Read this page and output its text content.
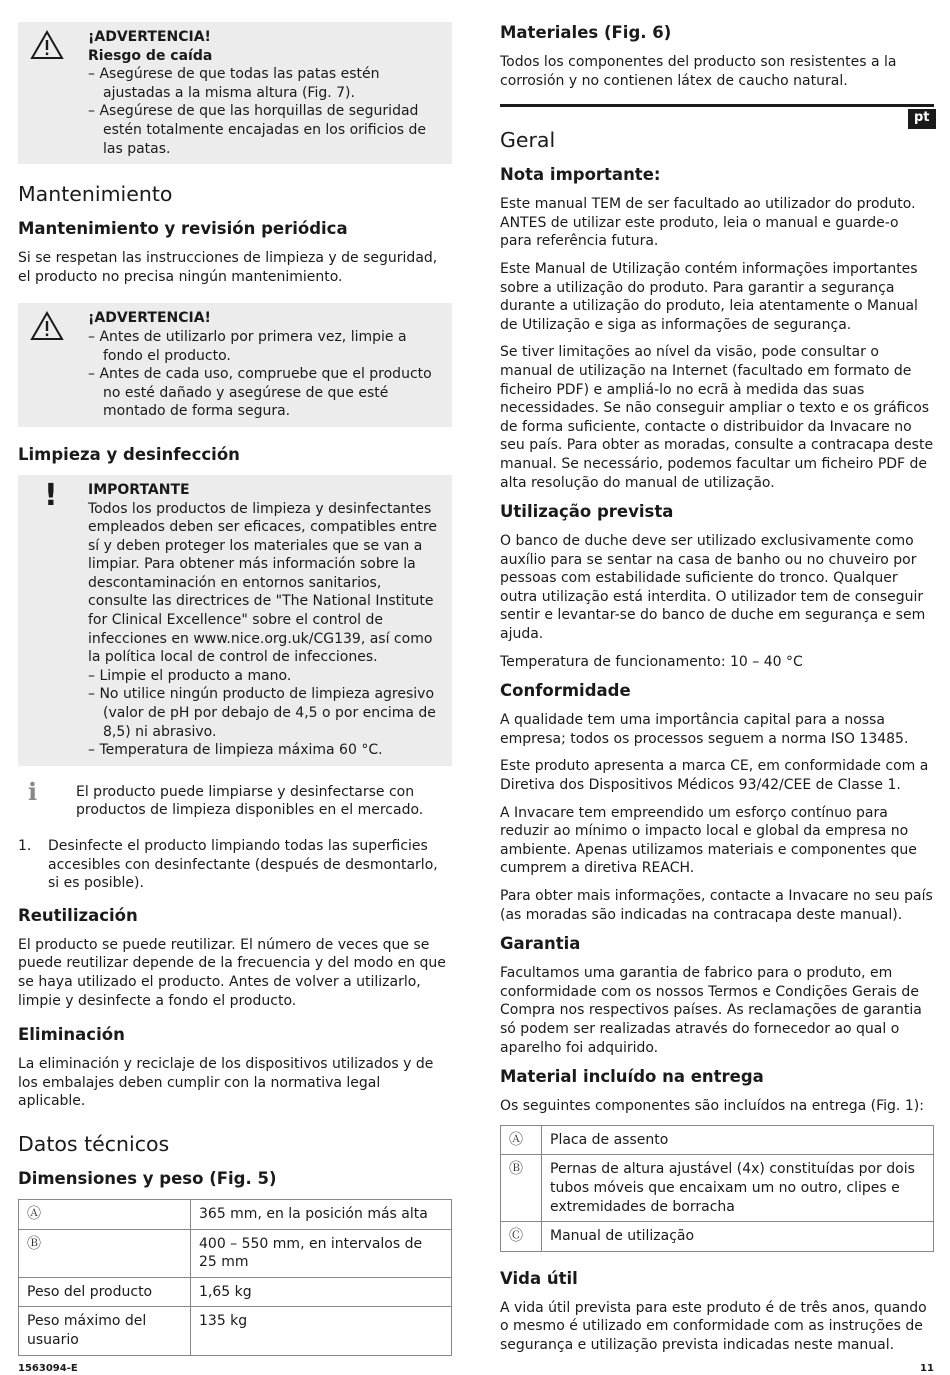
¡ADVERTENCIA!
Riesgo de caída
– Asegúrese de que todas las patas estén ajustadas a la misma altura (Fig. 7).
– Asegúrese de que las horquillas de seguridad estén totalmente encajadas en los orificios de las patas.
Mantenimiento
Mantenimiento y revisión periódica

Si se respetan las instrucciones de limpieza y de seguridad, el producto no precisa ningún mantenimiento.

¡ADVERTENCIA!
– Antes de utilizarlo por primera vez, limpie a fondo el producto.
– Antes de cada uso, compruebe que el producto no esté dañado y asegúrese de que esté montado de forma segura.
Limpieza y desinfección
!	IMPORTANTE
Todos los productos de limpieza y desinfectantes empleados deben ser eficaces, compatibles entre sí y deben proteger los materiales que se van a limpiar. Para obtener más información sobre la descontaminación en entornos sanitarios, consulte las directrices de "The National Institute for Clinical Excellence" sobre el control de infecciones en www.nice.org.uk/CG139, así como la política local de control de infecciones.
– Limpie el producto a mano.
– No utilice ningún producto de limpieza agresivo (valor de pH por debajo de 4,5 o por encima de 8,5) ni abrasivo.
– Temperatura de limpieza máxima 60 °C.
ℹ	El producto puede limpiarse y desinfectarse con productos de limpieza disponibles en el mercado.
1.	Desinfecte el producto limpiando todas las superficies accesibles con desinfectante (después de desmontarlo, si es posible).
Reutilización

El producto se puede reutilizar. El número de veces que se puede reutilizar depende de la frecuencia y del modo en que se haya utilizado el producto. Antes de volver a utilizarlo, limpie y desinfecte a fondo el producto.

Eliminación

La eliminación y reciclaje de los dispositivos utilizados y de los embalajes deben cumplir con la normativa legal aplicable.

Datos técnicos
Dimensiones y peso (Fig. 5)
Ⓐ	365 mm, en la posición más alta
Ⓑ	400 – 550 mm, en intervalos de 25 mm
Peso del producto	1,65 kg
Peso máximo del usuario	135 kg
Materiales (Fig. 6)

Todos los componentes del producto son resistentes a la corrosión y no contienen látex de caucho natural.

Geral
Nota importante:

Este manual TEM de ser facultado ao utilizador do produto. ANTES de utilizar este produto, leia o manual e guarde-o para referência futura.

Este Manual de Utilização contém informações importantes sobre a utilização do produto. Para garantir a segurança durante a utilização do produto, leia atentamente o Manual de Utilização e siga as informações de segurança.

Se tiver limitações ao nível da visão, pode consultar o manual de utilização na Internet (facultado em formato de ficheiro PDF) e ampliá-lo no ecrã à medida das suas necessidades. Se não conseguir ampliar o texto e os gráficos de forma suficiente, contacte o distribuidor da Invacare no seu país. Para obter as moradas, consulte a contracapa deste manual. Se necessário, podemos facultar um ficheiro PDF de alta resolução do manual de utilização.

Utilização prevista

O banco de duche deve ser utilizado exclusivamente como auxílio para se sentar na casa de banho ou no chuveiro por pessoas com estabilidade suficiente do tronco. Qualquer outra utilização está interdita. O utilizador tem de conseguir sentir e levantar-se do banco de duche em segurança e sem ajuda.

Temperatura de funcionamento: 10 – 40 °C

Conformidade

A qualidade tem uma importância capital para a nossa empresa; todos os processos seguem a norma ISO 13485.

Este produto apresenta a marca CE, em conformidade com a Diretiva dos Dispositivos Médicos 93/42/CEE de Classe 1.

A Invacare tem empreendido um esforço contínuo para reduzir ao mínimo o impacto local e global da empresa no ambiente. Apenas utilizamos materiais e componentes que cumprem a diretiva REACH.

Para obter mais informações, contacte a Invacare no seu país (as moradas são indicadas na contracapa deste manual).

Garantia

Facultamos uma garantia de fabrico para o produto, em conformidade com os nossos Termos e Condições Gerais de Compra nos respectivos países. As reclamações de garantia só podem ser realizadas através do fornecedor ao qual o aparelho foi adquirido.

Material incluído na entrega

Os seguintes componentes são incluídos na entrega (Fig. 1):

Ⓐ	Placa de assento
Ⓑ	Pernas de altura ajustável (4x) constituídas por dois tubos móveis que encaixam um no outro, clipes e extremidades de borracha
Ⓒ	Manual de utilização
Vida útil

A vida útil prevista para este produto é de três anos, quando o mesmo é utilizado em conformidade com as instruções de segurança e utilização prevista indicadas neste manual.

pt
1563094-E	11
